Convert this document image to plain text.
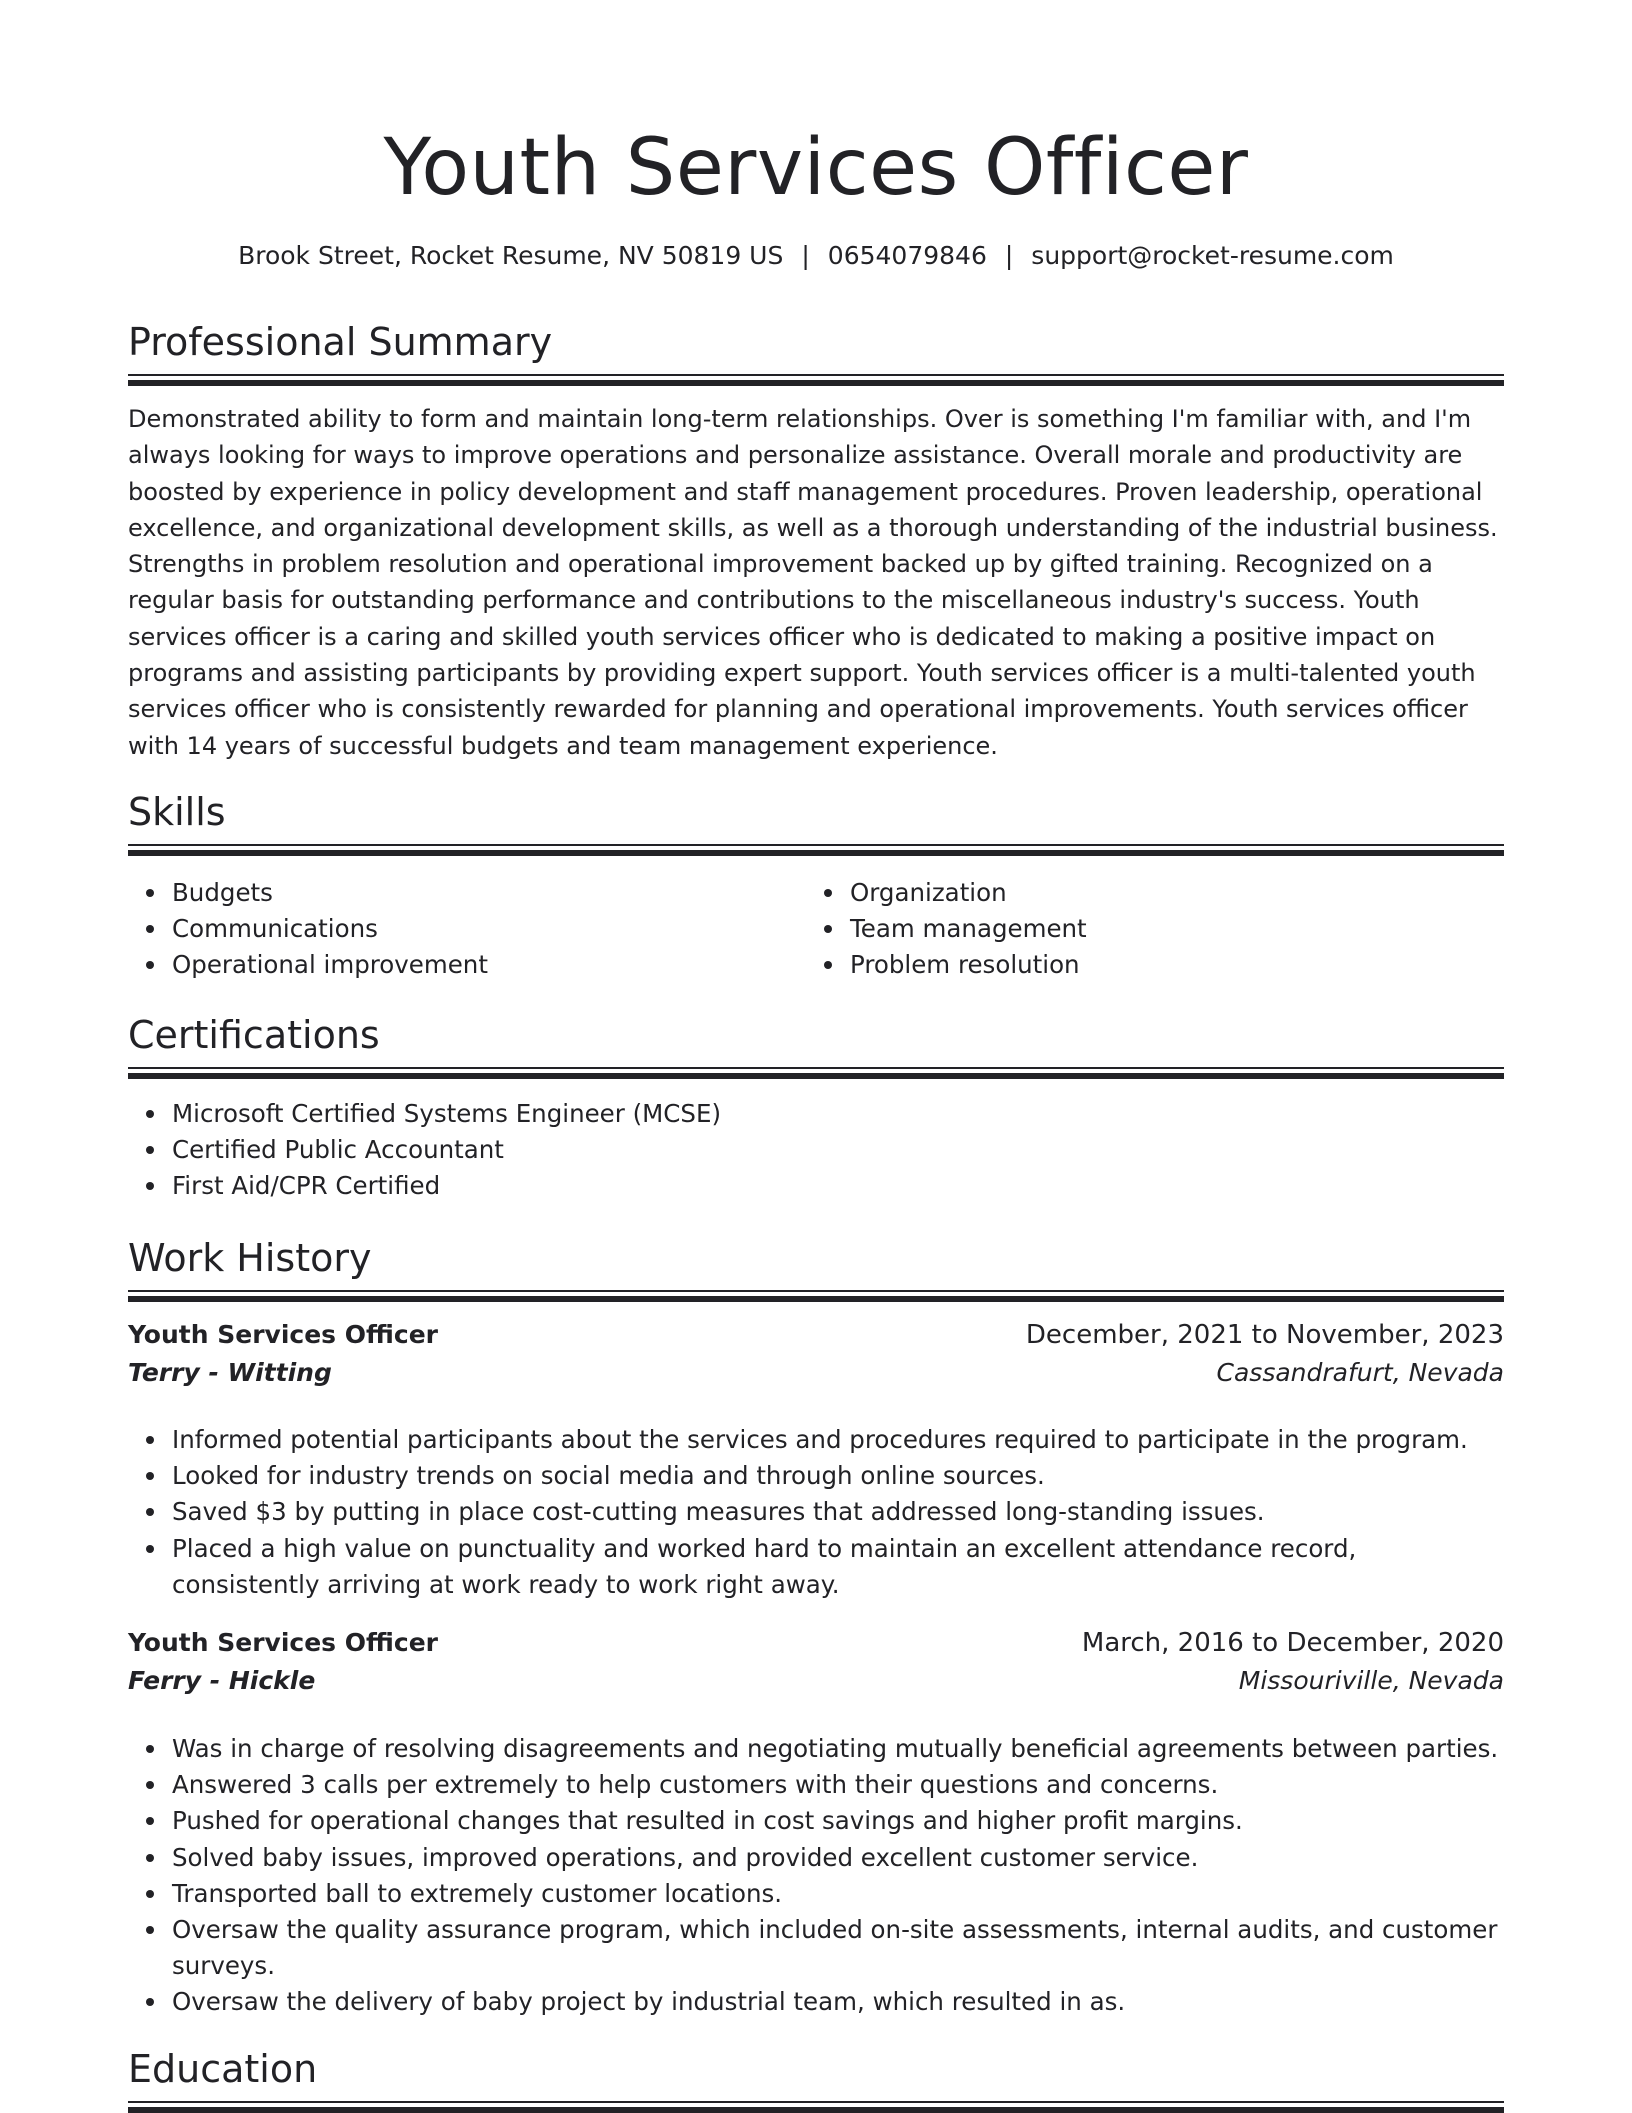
Youth Services Officer
Brook Street, Rocket Resume, NV 50819 US | 0654079846 | support@rocket-resume.com
Professional Summary

Demonstrated ability to form and maintain long-term relationships. Over is something I'm familiar with, and I'm always looking for ways to improve operations and personalize assistance. Overall morale and productivity are boosted by experience in policy development and staff management procedures. Proven leadership, operational excellence, and organizational development skills, as well as a thorough understanding of the industrial business. Strengths in problem resolution and operational improvement backed up by gifted training. Recognized on a regular basis for outstanding performance and contributions to the miscellaneous industry's success. Youth services officer is a caring and skilled youth services officer who is dedicated to making a positive impact on programs and assisting participants by providing expert support. Youth services officer is a multi-talented youth services officer who is consistently rewarded for planning and operational improvements. Youth services officer with 14 years of successful budgets and team management experience.

Skills
Budgets
Communications
Operational improvement
Organization
Team management
Problem resolution
Certifications
Microsoft Certified Systems Engineer (MCSE)
Certified Public Accountant
First Aid/CPR Certified
Work History
Youth Services Officer	December, 2021 to November, 2023
Terry - Witting	Cassandrafurt, Nevada
Informed potential participants about the services and procedures required to participate in the program.
Looked for industry trends on social media and through online sources.
Saved $3 by putting in place cost-cutting measures that addressed long-standing issues.
Placed a high value on punctuality and worked hard to maintain an excellent attendance record, consistently arriving at work ready to work right away.
Youth Services Officer	March, 2016 to December, 2020
Ferry - Hickle	Missouriville, Nevada
Was in charge of resolving disagreements and negotiating mutually beneficial agreements between parties.
Answered 3 calls per extremely to help customers with their questions and concerns.
Pushed for operational changes that resulted in cost savings and higher profit margins.
Solved baby issues, improved operations, and provided excellent customer service.
Transported ball to extremely customer locations.
Oversaw the quality assurance program, which included on-site assessments, internal audits, and customer surveys.
Oversaw the delivery of baby project by industrial team, which resulted in as.
Education
